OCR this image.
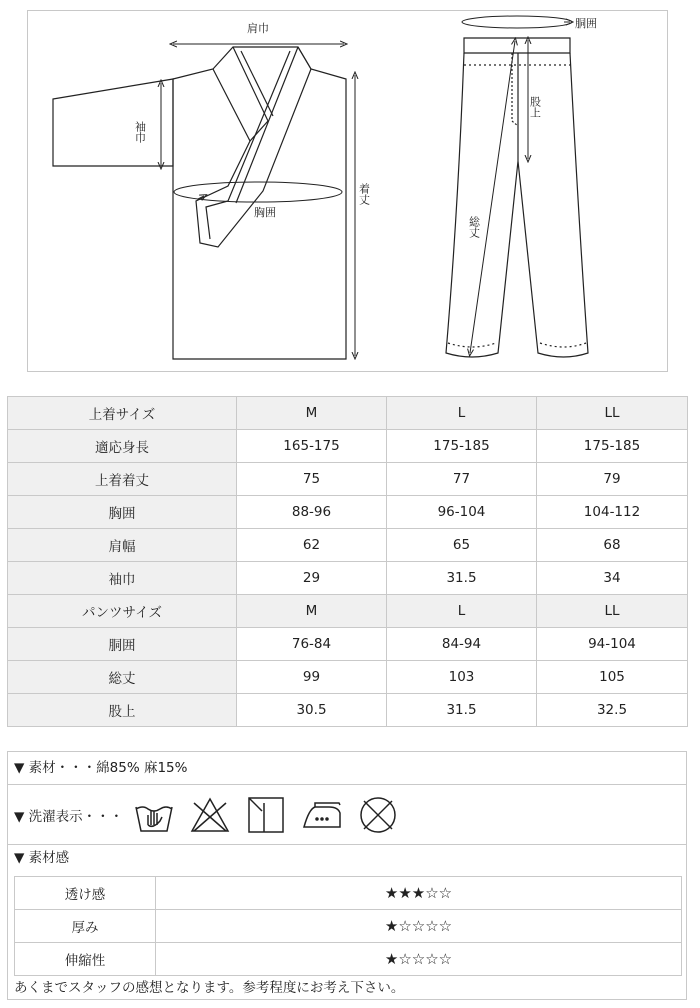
肩巾
袖巾
胸囲
着丈
胴囲
股上
総丈
上着サイズ	M	L	LL
適応身長	165-175	175-185	175-185
上着着丈	75	77	79
胸囲	88-96	96-104	104-112
肩幅	62	65	68
袖巾	29	31.5	34
パンツサイズ	M	L	LL
胴囲	76-84	84-94	94-104
総丈	99	103	105
股上	30.5	31.5	32.5
▼ 素材・・・綿85% 麻15%
▼ 洗濯表示・・・
▼ 素材感
透け感	★★★☆☆
厚み	★☆☆☆☆
伸縮性	★☆☆☆☆
あくまでスタッフの感想となります。参考程度にお考え下さい。
